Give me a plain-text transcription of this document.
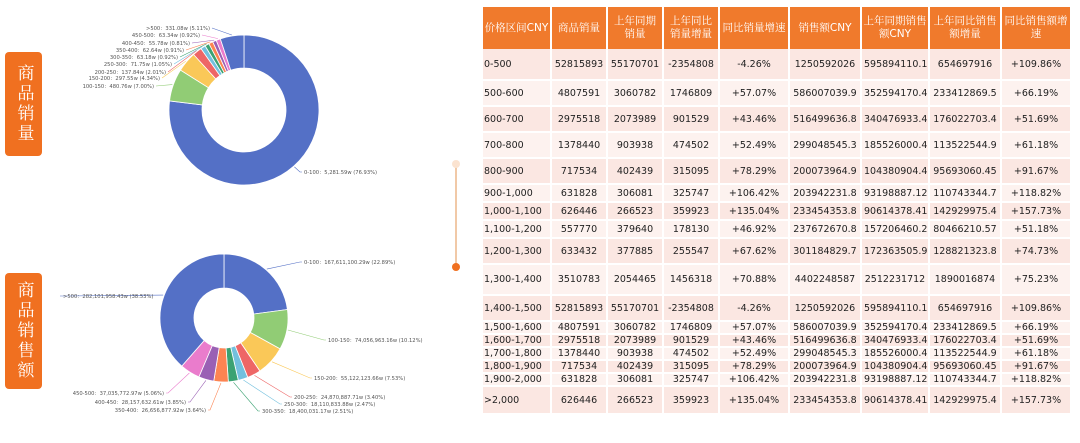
商品销量
商品销售额
0-100：5,281.59w (76.93%)
100-150：480.76w (7.00%)
150-200：297.55w (4.34%)
200-250：137.84w (2.01%)
250-300：71.75w (1.05%)
300-350：63.18w (0.92%)
350-400：62.64w (0.91%)
400-450：55.78w (0.81%)
450-500：63.34w (0.92%)
>500：331.08w (5.11%)
0-100：167,611,100.29w (22.89%)
100-150：74,056,963.16w (10.12%)
150-200：55,122,123.66w (7.53%)
200-250：24,870,887.71w (3.40%)
250-300：18,110,833.88w (2.47%)
300-350：18,400,031.17w (2.51%)
350-400：26,656,877.92w (3.64%)
400-450：28,157,632.61w (3.85%)
450-500：37,035,772.97w (5.06%)
>500：282,101,958.43w (38.53%)
价格区间CNY	商品销量	上年同期销量	上年同比销量增量	同比销量增速	销售额CNY	上年同期销售额CNY	上年同比销售额增量	同比销售额增速
0-500	52815893	55170701	-2354808	-4.26%	1250592026	595894110.1	654697916	+109.86%
500-600	4807591	3060782	1746809	+57.07%	586007039.9	352594170.4	233412869.5	+66.19%
600-700	2975518	2073989	901529	+43.46%	516499636.8	340476933.4	176022703.4	+51.69%
700-800	1378440	903938	474502	+52.49%	299048545.3	185526000.4	113522544.9	+61.18%
800-900	717534	402439	315095	+78.29%	200073964.9	104380904.4	95693060.45	+91.67%
900-1,000	631828	306081	325747	+106.42%	203942231.8	93198887.12	110743344.7	+118.82%
1,000-1,100	626446	266523	359923	+135.04%	233454353.8	90614378.41	142929975.4	+157.73%
1,100-1,200	557770	379640	178130	+46.92%	237672670.8	157206460.2	80466210.57	+51.18%
1,200-1,300	633432	377885	255547	+67.62%	301184829.7	172363505.9	128821323.8	+74.73%
1,300-1,400	3510783	2054465	1456318	+70.88%	4402248587	2512231712	1890016874	+75.23%
1,400-1,500	52815893	55170701	-2354808	-4.26%	1250592026	595894110.1	654697916	+109.86%
1,500-1,600	4807591	3060782	1746809	+57.07%	586007039.9	352594170.4	233412869.5	+66.19%
1,600-1,700	2975518	2073989	901529	+43.46%	516499636.8	340476933.4	176022703.4	+51.69%
1,700-1,800	1378440	903938	474502	+52.49%	299048545.3	185526000.4	113522544.9	+61.18%
1,800-1,900	717534	402439	315095	+78.29%	200073964.9	104380904.4	95693060.45	+91.67%
1,900-2,000	631828	306081	325747	+106.42%	203942231.8	93198887.12	110743344.7	+118.82%
>2,000	626446	266523	359923	+135.04%	233454353.8	90614378.41	142929975.4	+157.73%
